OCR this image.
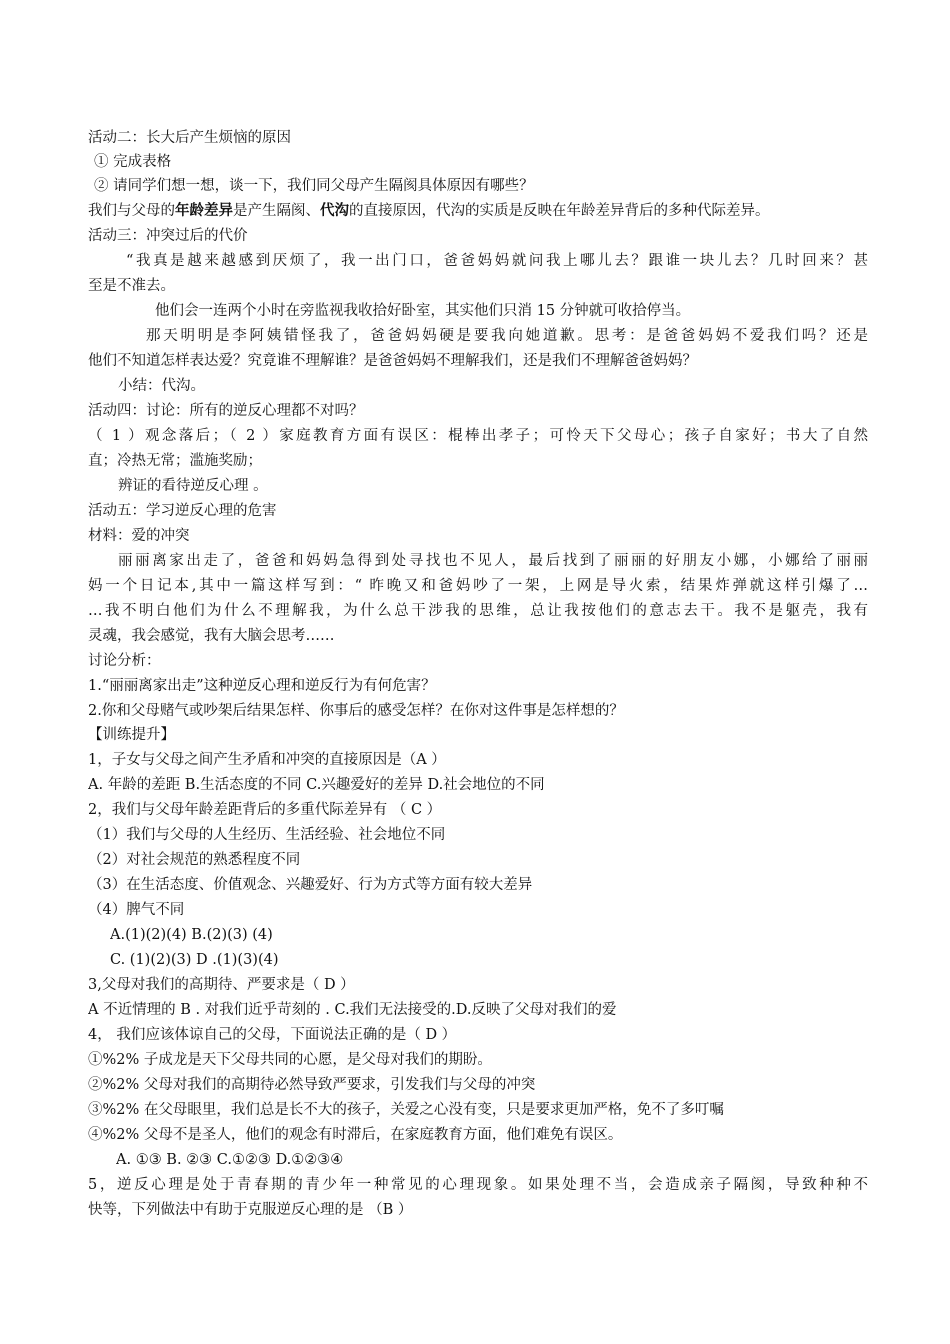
活动二：长大后产生烦恼的原因
① 完成表格
② 请同学们想一想，谈一下，我们同父母产生隔阂具体原因有哪些？
我们与父母的年龄差异是产生隔阂、代沟的直接原因，代沟的实质是反映在年龄差异背后的多种代际差异。
活动三：冲突过后的代价
“我真是越来越感到厌烦了，我一出门口，爸爸妈妈就问我上哪儿去？跟谁一块儿去？几时回来？甚
至是不准去。
他们会一连两个小时在旁监视我收拾好卧室，其实他们只消 15 分钟就可收拾停当。
那天明明是李阿姨错怪我了，爸爸妈妈硬是要我向她道歉。思考：是爸爸妈妈不爱我们吗？还是
他们不知道怎样表达爱？究竟谁不理解谁？是爸爸妈妈不理解我们，还是我们不理解爸爸妈妈？
小结：代沟。
活动四：讨论：所有的逆反心理都不对吗？
（ 1 ）观念落后；（ 2 ）家庭教育方面有误区：棍棒出孝子；可怜天下父母心；孩子自家好；书大了自然
直；冷热无常；滥施奖励；
辨证的看待逆反心理 。
活动五：学习逆反心理的危害
材料：爱的冲突
丽丽离家出走了，爸爸和妈妈急得到处寻找也不见人，最后找到了丽丽的好朋友小娜，小娜给了丽丽
妈一个日记本,其中一篇这样写到：“ 昨晚又和爸妈吵了一架，上网是导火索，结果炸弹就这样引爆了…
…我不明白他们为什么不理解我，为什么总干涉我的思维，总让我按他们的意志去干。我不是躯壳，我有
灵魂，我会感觉，我有大脑会思考……
讨论分析：
1.“丽丽离家出走”这种逆反心理和逆反行为有何危害？
2.你和父母赌气或吵架后结果怎样、你事后的感受怎样？在你对这件事是怎样想的？
【训练提升】
1，子女与父母之间产生矛盾和冲突的直接原因是（A ）
A. 年龄的差距 B.生活态度的不同 C.兴趣爱好的差异 D.社会地位的不同
2，我们与父母年龄差距背后的多重代际差异有 （ C ）
（1）我们与父母的人生经历、生活经验、社会地位不同
（2）对社会规范的熟悉程度不同
（3）在生活态度、价值观念、兴趣爱好、行为方式等方面有较大差异
（4）脾气不同
A.(1)(2)(4) B.(2)(3) (4)
C. (1)(2)(3) D .(1)(3)(4)
3,父母对我们的高期待、严要求是（ D ）
A 不近情理的 B . 对我们近乎苛刻的 . C.我们无法接受的.D.反映了父母对我们的爱
4， 我们应该体谅自己的父母，下面说法正确的是（ D ）
①%2% 子成龙是天下父母共同的心愿，是父母对我们的期盼。
②%2% 父母对我们的高期待必然导致严要求，引发我们与父母的冲突
③%2% 在父母眼里，我们总是长不大的孩子，关爱之心没有变，只是要求更加严格，免不了多叮嘱
④%2% 父母不是圣人，他们的观念有时滞后，在家庭教育方面，他们难免有误区。
A. ①③ B. ②③ C.①②③ D.①②③④
5，逆反心理是处于青春期的青少年一种常见的心理现象。如果处理不当，会造成亲子隔阂，导致种种不
快等，下列做法中有助于克服逆反心理的是 （B ）
